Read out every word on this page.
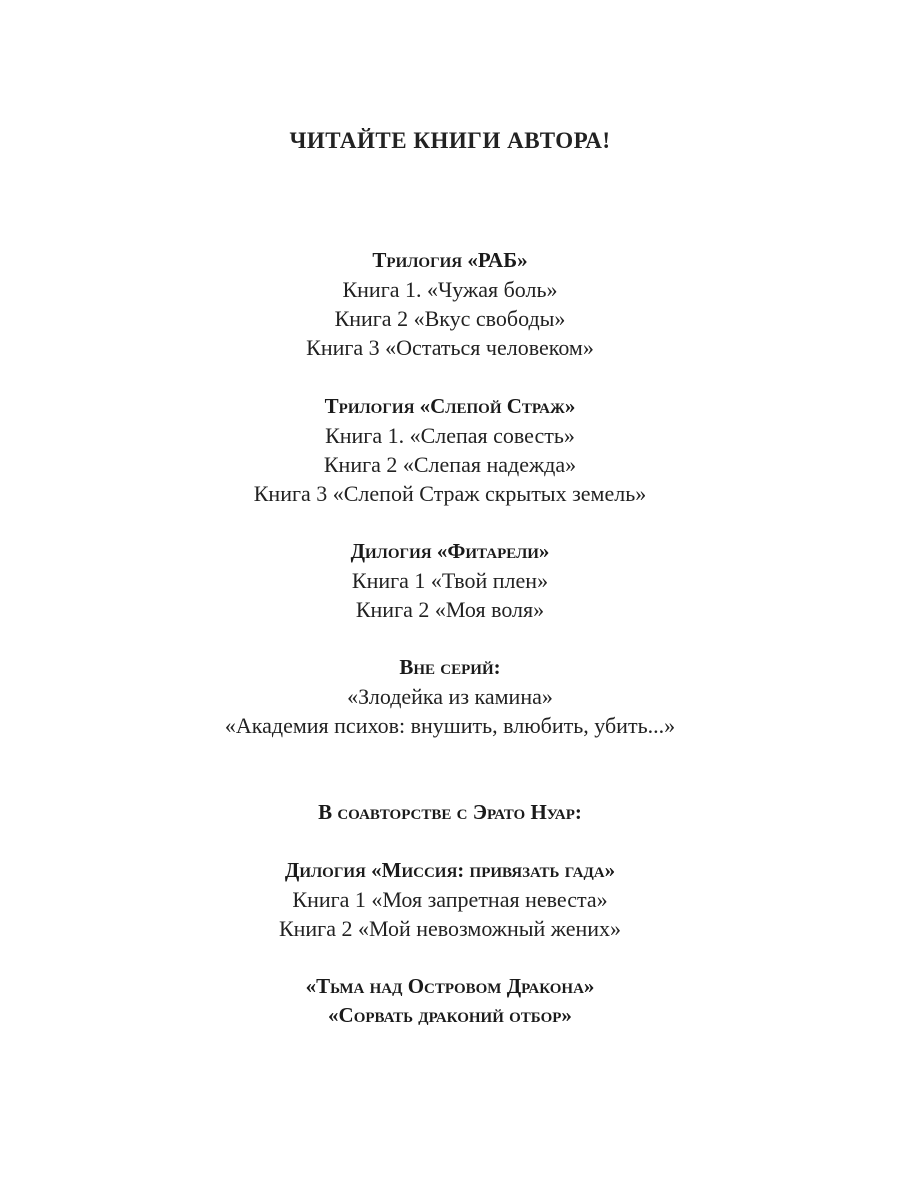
ЧИТАЙТЕ КНИГИ АВТОРА!
Трилогия «РАБ»
Книга 1. «Чужая боль»
Книга 2 «Вкус свободы»
Книга 3 «Остаться человеком»
Трилогия «Слепой Страж»
Книга 1. «Слепая совесть»
Книга 2 «Слепая надежда»
Книга 3 «Слепой Страж скрытых земель»
Дилогия «Фитарели»
Книга 1 «Твой плен»
Книга 2 «Моя воля»
Вне серий:
«Злодейка из камина»
«Академия психов: внушить, влюбить, убить...»
В соавторстве с Эрато Нуар:
Дилогия «Миссия: привязать гада»
Книга 1 «Моя запретная невеста»
Книга 2 «Мой невозможный жених»
«Тьма над Островом Дракона»
«Сорвать драконий отбор»
